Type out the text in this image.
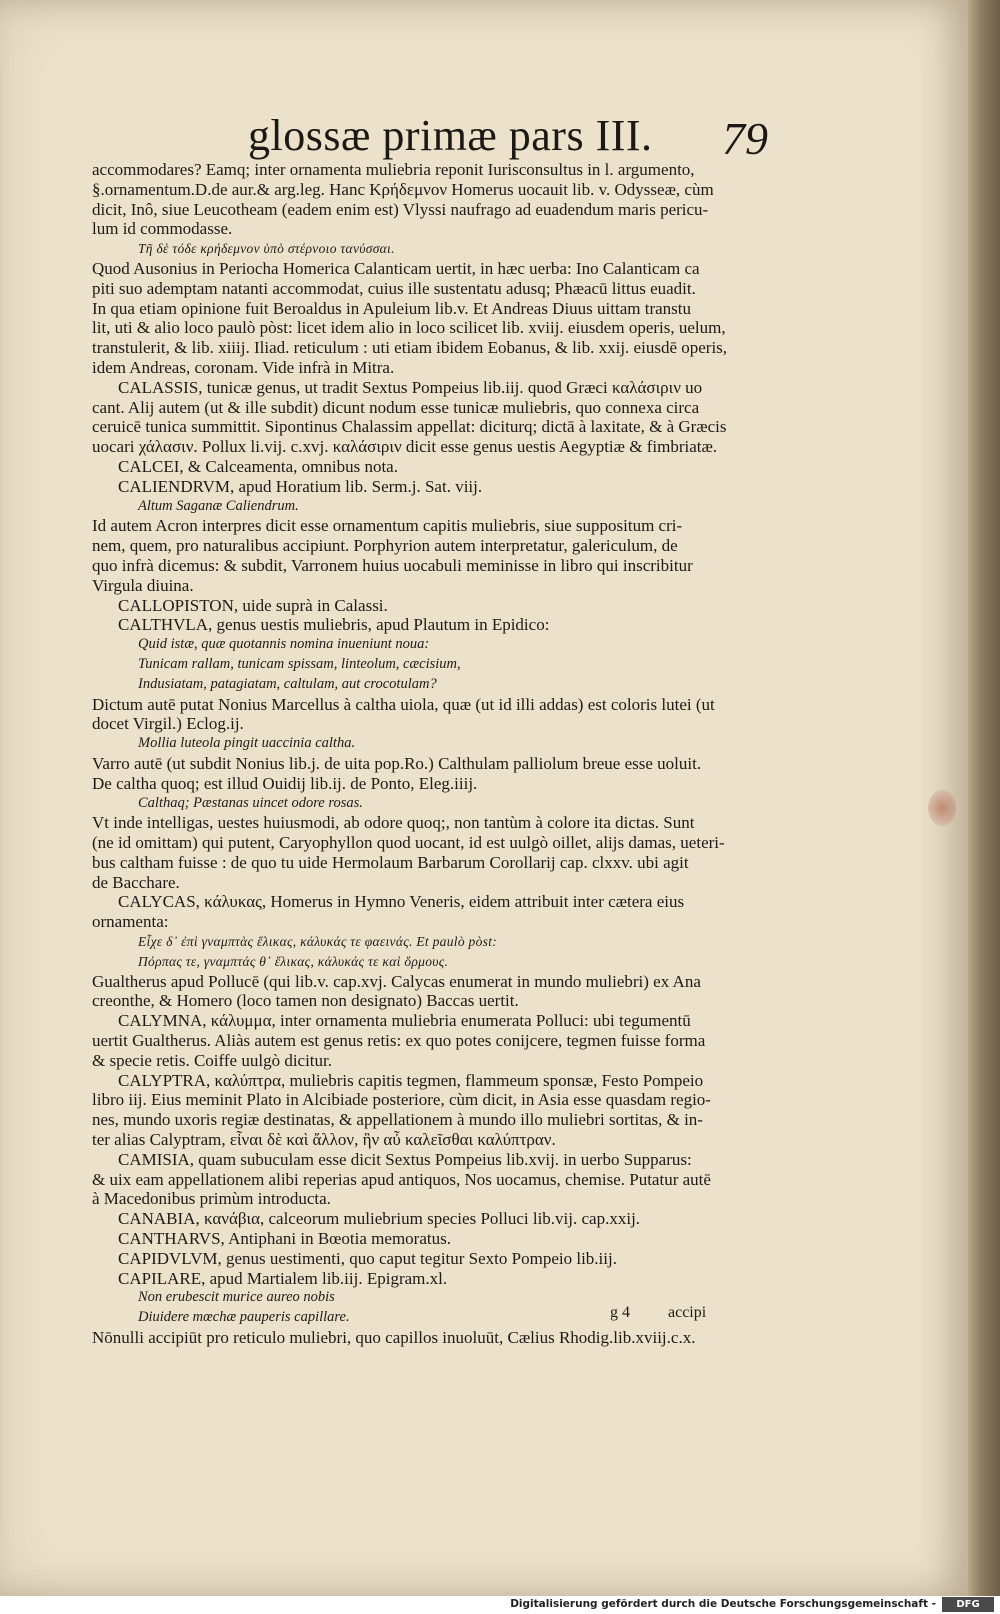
glossæ primæ pars III. 79
accommodares? Eamq; inter ornamenta muliebria reponit Iurisconsultus in l. argumento,
§.ornamentum.D.de aur.& arg.leg. Hanc Κρήδεμνον Homerus uocauit lib. v. Odysseæ, cùm
dicit, Inô, siue Leucotheam (eadem enim est) Vlyssi naufrago ad euadendum maris pericu-
lum id commodasse.
Τῆ δὲ τόδε κρήδεμνον ὑπὸ στέρνοιο τανύσσαι.
Quod Ausonius in Periocha Homerica Calanticam uertit, in hæc uerba: Ino Calanticam ca
piti suo ademptam natanti accommodat, cuius ille sustentatu adusq; Phæacū littus euadit.
In qua etiam opinione fuit Beroaldus in Apuleium lib.v. Et Andreas Diuus uittam transtu
lit, uti & alio loco paulò pòst: licet idem alio in loco scilicet lib. xviij. eiusdem operis, uelum,
transtulerit, & lib. xiiij. Iliad. reticulum : uti etiam ibidem Eobanus, & lib. xxij. eiusdē operis,
idem Andreas, coronam. Vide infrà in Mitra.
CALASSIS, tunicæ genus, ut tradit Sextus Pompeius lib.iij. quod Græci καλάσιριν uo
cant. Alij autem (ut & ille subdit) dicunt nodum esse tunicæ muliebris, quo connexa circa
ceruicē tunica summittit. Sipontinus Chalassim appellat: diciturq; dictā à laxitate, & à Græcis
uocari χάλασιν. Pollux li.vij. c.xvj. καλάσιριν dicit esse genus uestis Aegyptiæ & fimbriatæ.
CALCEI, & Calceamenta, omnibus nota.
CALIENDRVM, apud Horatium lib. Serm.j. Sat. viij.
Altum Saganæ Caliendrum.
Id autem Acron interpres dicit esse ornamentum capitis muliebris, siue suppositum cri-
nem, quem, pro naturalibus accipiunt. Porphyrion autem interpretatur, galericulum, de
quo infrà dicemus: & subdit, Varronem huius uocabuli meminisse in libro qui inscribitur
Virgula diuina.
CALLOPISTON, uide suprà in Calassi.
CALTHVLA, genus uestis muliebris, apud Plautum in Epidico:
Quid istæ, quæ quotannis nomina inueniunt noua:
Tunicam rallam, tunicam spissam, linteolum, cæcisium,
Indusiatam, patagiatam, caltulam, aut crocotulam?
Dictum autē putat Nonius Marcellus à caltha uiola, quæ (ut id illi addas) est coloris lutei (ut
docet Virgil.) Eclog.ij.
Mollia luteola pingit uaccinia caltha.
Varro autē (ut subdit Nonius lib.j. de uita pop.Ro.) Calthulam palliolum breue esse uoluit.
De caltha quoq; est illud Ouidij lib.ij. de Ponto, Eleg.iiij.
Calthaq; Pæstanas uincet odore rosas.
Vt inde intelligas, uestes huiusmodi, ab odore quoq;, non tantùm à colore ita dictas. Sunt
(ne id omittam) qui putent, Caryophyllon quod uocant, id est uulgò oillet, alijs damas, ueteri-
bus caltham fuisse : de quo tu uide Hermolaum Barbarum Corollarij cap. clxxv. ubi agit
de Bacchare.
CALYCAS, κάλυκας, Homerus in Hymno Veneris, eidem attribuit inter cætera eius
ornamenta:
Εἶχε δ᾽ ἐπὶ γναμπτὰς ἕλικας, κάλυκάς τε φαεινάς. Et paulò pòst:
Πόρπας τε, γναμπτάς θ᾽ ἕλικας, κάλυκάς τε καὶ ὅρμους.
Gualtherus apud Pollucē (qui lib.v. cap.xvj. Calycas enumerat in mundo muliebri) ex Ana
creonthe, & Homero (loco tamen non designato) Baccas uertit.
CALYMNA, κάλυμμα, inter ornamenta muliebria enumerata Polluci: ubi tegumentū
uertit Gualtherus. Aliàs autem est genus retis: ex quo potes conijcere, tegmen fuisse forma
& specie retis. Coiffe uulgò dicitur.
CALYPTRA, καλύπτρα, muliebris capitis tegmen, flammeum sponsæ, Festo Pompeio
libro iij. Eius meminit Plato in Alcibiade posteriore, cùm dicit, in Asia esse quasdam regio-
nes, mundo uxoris regiæ destinatas, & appellationem à mundo illo muliebri sortitas, & in-
ter alias Calyptram, εἶναι δὲ καὶ ἄλλον, ἣν αὖ καλεῖσθαι καλύπτραν.
CAMISIA, quam subuculam esse dicit Sextus Pompeius lib.xvij. in uerbo Supparus:
& uix eam appellationem alibi reperias apud antiquos, Nos uocamus, chemise. Putatur autē
à Macedonibus primùm introducta.
CANABIA, κανάβια, calceorum muliebrium species Polluci lib.vij. cap.xxij.
CANTHARVS, Antiphani in Bœotia memoratus.
CAPIDVLVM, genus uestimenti, quo caput tegitur Sexto Pompeio lib.iij.
CAPILARE, apud Martialem lib.iij. Epigram.xl.
Non erubescit murice aureo nobis
Diuidere mœchæ pauperis capillare.
Nōnulli accipiūt pro reticulo muliebri, quo capillos inuoluūt, Cælius Rhodig.lib.xviij.c.x.
g 4 accipi
Digitalisierung gefördert durch die Deutsche Forschungsgemeinschaft -	DFG
